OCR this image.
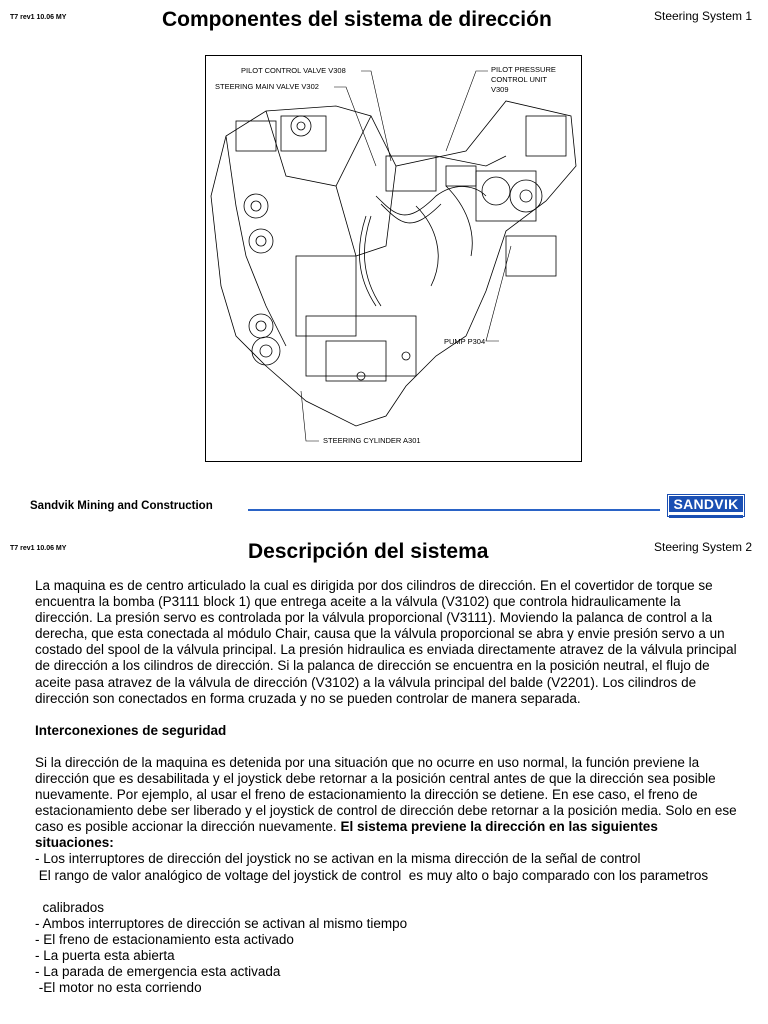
T7 rev1 10.06 MY	Componentes del sistema de dirección	Steering System 1
PILOT CONTROL VALVE V308
STEERING MAIN VALVE V302
PILOT PRESSURE
CONTROL UNIT
V309
PUMP P304
STEERING CYLINDER A301
Sandvik Mining and Construction	SANDVIK
T7 rev1 10.06 MY	Descripción del sistema	Steering System 2

La maquina es de centro articulado la cual es dirigida por dos cilindros de dirección. En el covertidor de torque se encuentra la bomba (P3111 block 1) que entrega aceite a la válvula (V3102) que controla hidraulicamente la dirección. La presión servo es controlada por la válvula proporcional (V3111). Moviendo la palanca de control a la derecha, que esta conectada al módulo Chair, causa que la válvula proporcional se abra y envie presión servo a un costado del spool de la válvula principal. La presión hidraulica es enviada directamente atravez de la válvula principal de dirección a los cilindros de dirección. Si la palanca de dirección se encuentra en la posición neutral, el flujo de aceite pasa atravez de la válvula de dirección (V3102) a la válvula principal del balde (V2201). Los cilindros de dirección son conectados en forma cruzada y no se pueden controlar de manera separada.

Interconexiones de seguridad

Si la dirección de la maquina es detenida por una situación que no ocurre en uso normal, la función previene la dirección que es desabilitada y el joystick debe retornar a la posición central antes de que la dirección sea posible nuevamente. Por ejemplo, al usar el freno de estacionamiento la dirección se detiene. En ese caso, el freno de estacionamiento debe ser liberado y el joystick de control de dirección debe retornar a la posición media. Solo en ese caso es posible accionar la dirección nuevamente. El sistema previene la dirección en las siguientes situaciones:

- Los interruptores de dirección del joystick no se activan en la misma dirección de la señal de control

El rango de valor analógico de voltage del joystick de control  es muy alto o bajo comparado con los parametros

calibrados

- Ambos interruptores de dirección se activan al mismo tiempo

- El freno de estacionamiento esta activado

- La puerta esta abierta

- La parada de emergencia esta activada

-El motor no esta corriendo
